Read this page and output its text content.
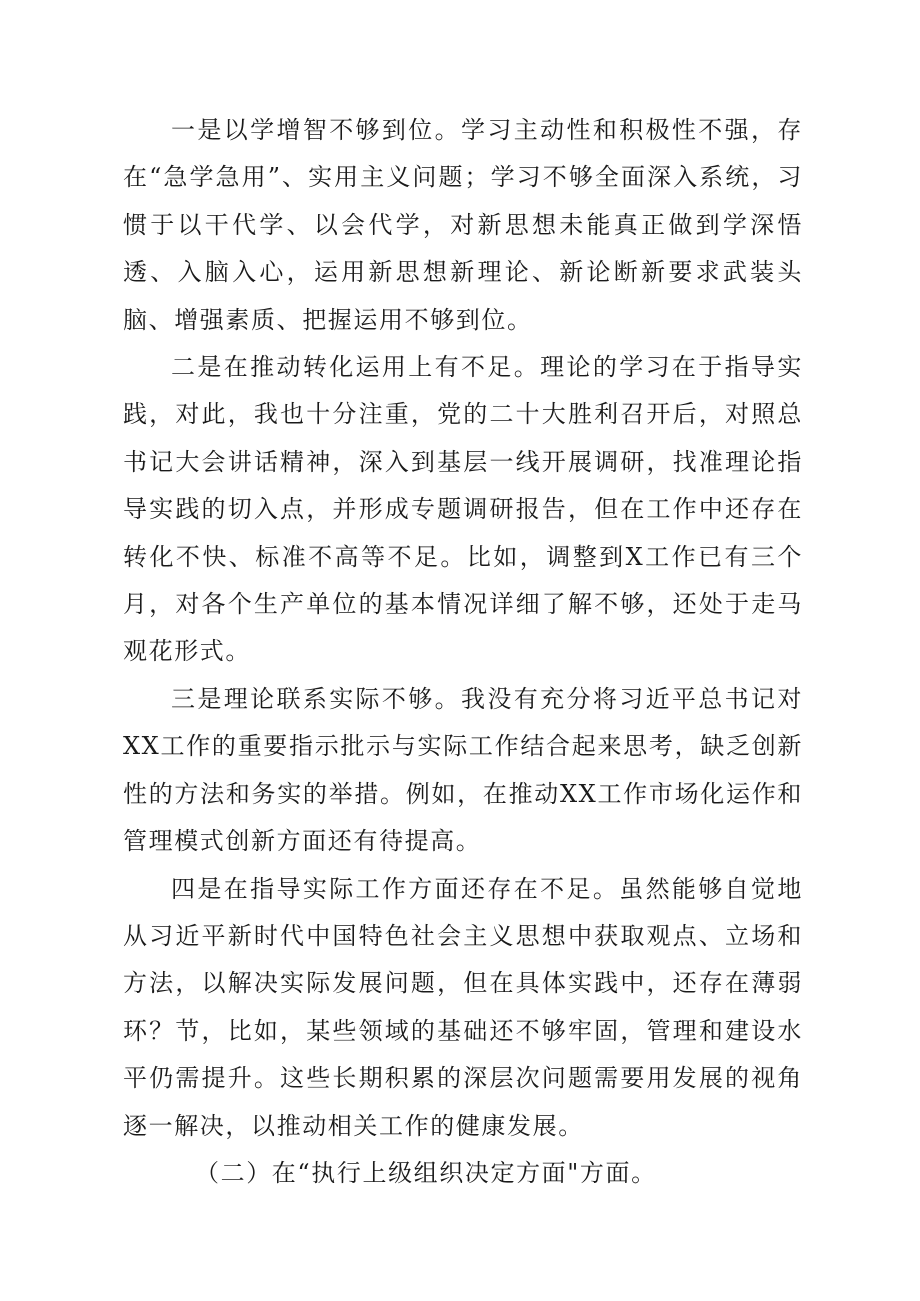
一是以学增智不够到位。学习主动性和积极性不强，存在“急学急用”、实用主义问题；学习不够全面深入系统，习惯于以干代学、以会代学，对新思想未能真正做到学深悟透、入脑入心，运用新思想新理论、新论断新要求武装头脑、增强素质、把握运用不够到位。

二是在推动转化运用上有不足。理论的学习在于指导实践，对此，我也十分注重，党的二十大胜利召开后，对照总书记大会讲话精神，深入到基层一线开展调研，找准理论指导实践的切入点，并形成专题调研报告，但在工作中还存在转化不快、标准不高等不足。比如，调整到X工作已有三个月，对各个生产单位的基本情况详细了解不够，还处于走马观花形式。

三是理论联系实际不够。我没有充分将习近平总书记对XX工作的重要指示批示与实际工作结合起来思考，缺乏创新性的方法和务实的举措。例如，在推动XX工作市场化运作和管理模式创新方面还有待提高。

四是在指导实际工作方面还存在不足。虽然能够自觉地从习近平新时代中国特色社会主义思想中获取观点、立场和方法，以解决实际发展问题，但在具体实践中，还存在薄弱环？节，比如，某些领域的基础还不够牢固，管理和建设水平仍需提升。这些长期积累的深层次问题需要用发展的视角逐一解决，以推动相关工作的健康发展。

（二）在“执行上级组织决定方面"方面。
